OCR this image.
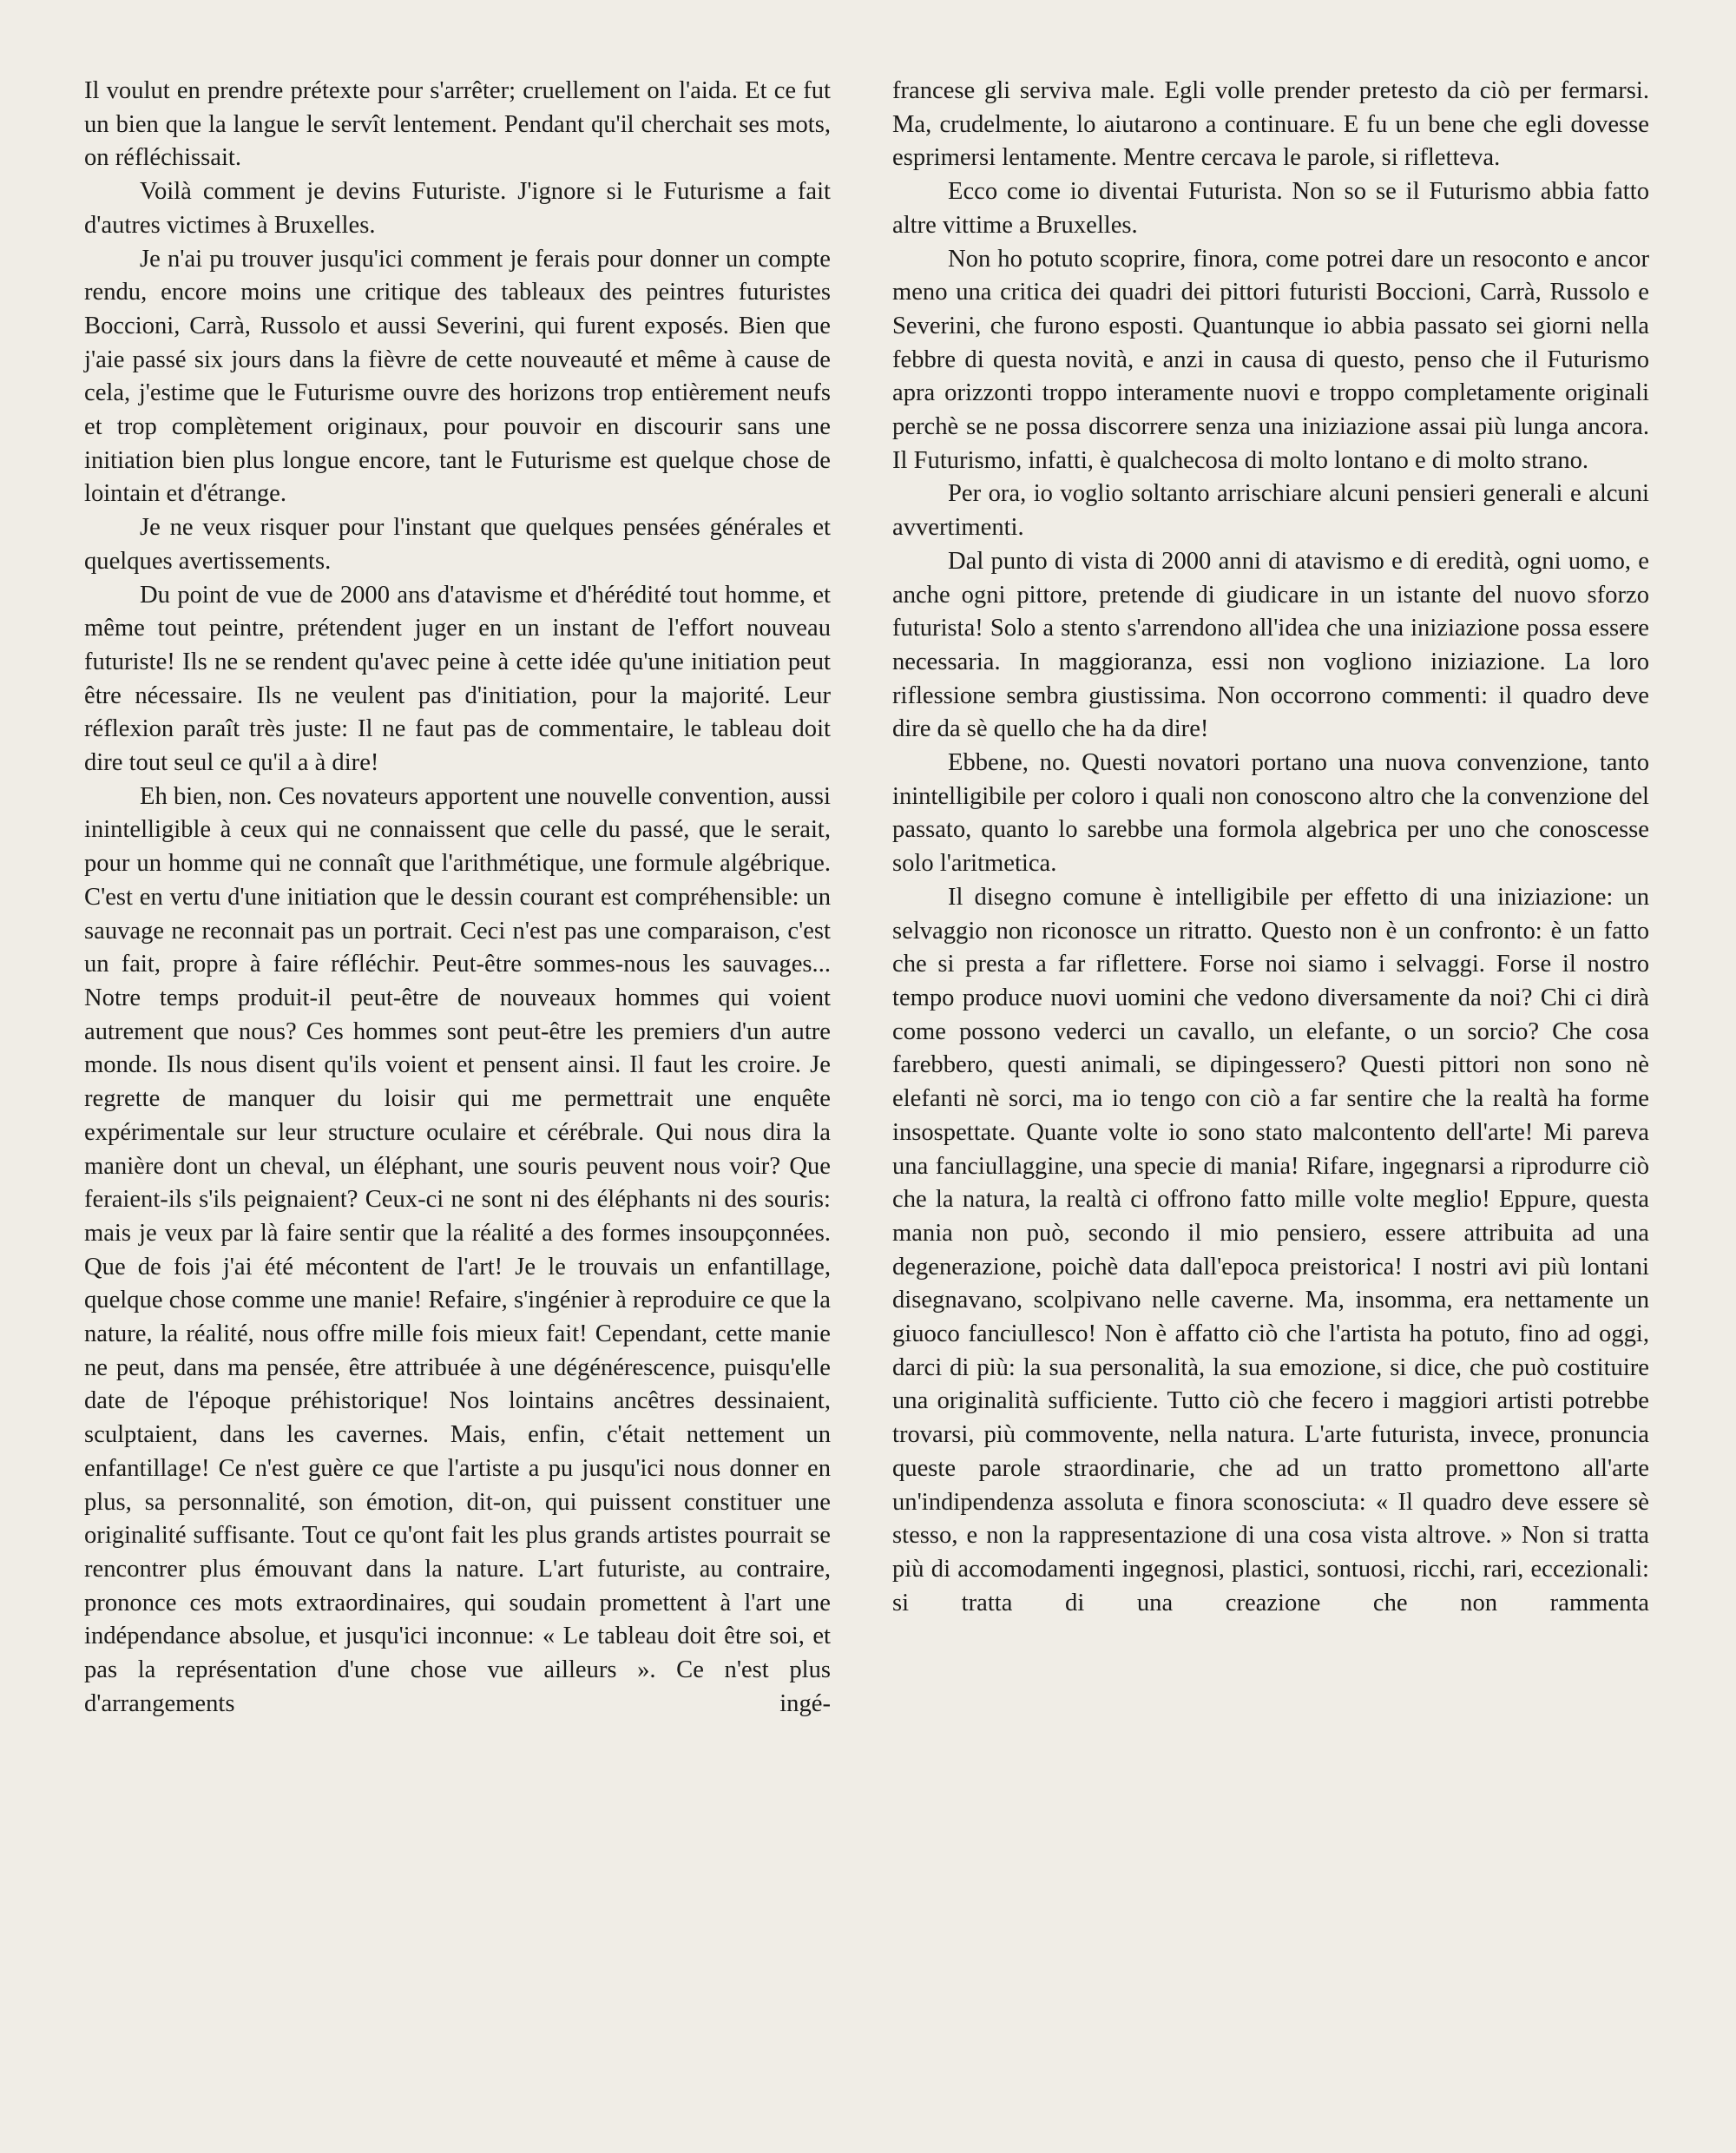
Il voulut en prendre prétexte pour s'arrêter; cruellement on l'aida. Et ce fut un bien que la langue le servît lentement. Pendant qu'il cherchait ses mots, on réfléchissait.

Voilà comment je devins Futuriste. J'ignore si le Futurisme a fait d'autres victimes à Bruxelles.

Je n'ai pu trouver jusqu'ici comment je ferais pour donner un compte rendu, encore moins une critique des tableaux des peintres futuristes Boccioni, Carrà, Russolo et aussi Severini, qui furent exposés. Bien que j'aie passé six jours dans la fièvre de cette nouveauté et même à cause de cela, j'estime que le Futurisme ouvre des horizons trop entièrement neufs et trop complètement originaux, pour pouvoir en discourir sans une initiation bien plus longue encore, tant le Futurisme est quelque chose de lointain et d'étrange.

Je ne veux risquer pour l'instant que quelques pensées générales et quelques avertissements.

Du point de vue de 2000 ans d'atavisme et d'hérédité tout homme, et même tout peintre, prétendent juger en un instant de l'effort nouveau futuriste! Ils ne se rendent qu'avec peine à cette idée qu'une initiation peut être nécessaire. Ils ne veulent pas d'initiation, pour la majorité. Leur réflexion paraît très juste: Il ne faut pas de commentaire, le tableau doit dire tout seul ce qu'il a à dire!

Eh bien, non. Ces novateurs apportent une nouvelle convention, aussi inintelligible à ceux qui ne connaissent que celle du passé, que le serait, pour un homme qui ne connaît que l'arithmétique, une formule algébrique. C'est en vertu d'une initiation que le dessin courant est compréhensible: un sauvage ne reconnait pas un portrait. Ceci n'est pas une comparaison, c'est un fait, propre à faire réfléchir. Peut-être sommes-nous les sauvages... Notre temps produit-il peut-être de nouveaux hommes qui voient autrement que nous? Ces hommes sont peut-être les premiers d'un autre monde. Ils nous disent qu'ils voient et pensent ainsi. Il faut les croire. Je regrette de manquer du loisir qui me permettrait une enquête expérimentale sur leur structure oculaire et cérébrale. Qui nous dira la manière dont un cheval, un éléphant, une souris peuvent nous voir? Que feraient-ils s'ils peignaient? Ceux-ci ne sont ni des éléphants ni des souris: mais je veux par là faire sentir que la réalité a des formes insoupçonnées. Que de fois j'ai été mécontent de l'art! Je le trouvais un enfantillage, quelque chose comme une manie! Refaire, s'ingénier à reproduire ce que la nature, la réalité, nous offre mille fois mieux fait! Cependant, cette manie ne peut, dans ma pensée, être attribuée à une dégénérescence, puisqu'elle date de l'époque préhistorique! Nos lointains ancêtres dessinaient, sculptaient, dans les cavernes. Mais, enfin, c'était nettement un enfantillage! Ce n'est guère ce que l'artiste a pu jusqu'ici nous donner en plus, sa personnalité, son émotion, dit-on, qui puissent constituer une originalité suffisante. Tout ce qu'ont fait les plus grands artistes pourrait se rencontrer plus émouvant dans la nature. L'art futuriste, au contraire, prononce ces mots extraordinaires, qui soudain promettent à l'art une indépendance absolue, et jusqu'ici inconnue: « Le tableau doit être soi, et pas la représentation d'une chose vue ailleurs ». Ce n'est plus d'arrangements ingé-

francese gli serviva male. Egli volle prender pretesto da ciò per fermarsi. Ma, crudelmente, lo aiutarono a continuare. E fu un bene che egli dovesse esprimersi lentamente. Mentre cercava le parole, si rifletteva.

Ecco come io diventai Futurista. Non so se il Futurismo abbia fatto altre vittime a Bruxelles.

Non ho potuto scoprire, finora, come potrei dare un resoconto e ancor meno una critica dei quadri dei pittori futuristi Boccioni, Carrà, Russolo e Severini, che furono esposti. Quantunque io abbia passato sei giorni nella febbre di questa novità, e anzi in causa di questo, penso che il Futurismo apra orizzonti troppo interamente nuovi e troppo completamente originali perchè se ne possa discorrere senza una iniziazione assai più lunga ancora. Il Futurismo, infatti, è qualchecosa di molto lontano e di molto strano.

Per ora, io voglio soltanto arrischiare alcuni pensieri generali e alcuni avvertimenti.

Dal punto di vista di 2000 anni di atavismo e di eredità, ogni uomo, e anche ogni pittore, pretende di giudicare in un istante del nuovo sforzo futurista! Solo a stento s'arrendono all'idea che una iniziazione possa essere necessaria. In maggioranza, essi non vogliono iniziazione. La loro riflessione sembra giustissima. Non occorrono commenti: il quadro deve dire da sè quello che ha da dire!

Ebbene, no. Questi novatori portano una nuova convenzione, tanto inintelligibile per coloro i quali non conoscono altro che la convenzione del passato, quanto lo sarebbe una formola algebrica per uno che conoscesse solo l'aritmetica.

Il disegno comune è intelligibile per effetto di una iniziazione: un selvaggio non riconosce un ritratto. Questo non è un confronto: è un fatto che si presta a far riflettere. Forse noi siamo i selvaggi. Forse il nostro tempo produce nuovi uomini che vedono diversamente da noi? Chi ci dirà come possono vederci un cavallo, un elefante, o un sorcio? Che cosa farebbero, questi animali, se dipingessero? Questi pittori non sono nè elefanti nè sorci, ma io tengo con ciò a far sentire che la realtà ha forme insospettate. Quante volte io sono stato malcontento dell'arte! Mi pareva una fanciullaggine, una specie di mania! Rifare, ingegnarsi a riprodurre ciò che la natura, la realtà ci offrono fatto mille volte meglio! Eppure, questa mania non può, secondo il mio pensiero, essere attribuita ad una degenerazione, poichè data dall'epoca preistorica! I nostri avi più lontani disegnavano, scolpivano nelle caverne. Ma, insomma, era nettamente un giuoco fanciullesco! Non è affatto ciò che l'artista ha potuto, fino ad oggi, darci di più: la sua personalità, la sua emozione, si dice, che può costituire una originalità sufficiente. Tutto ciò che fecero i maggiori artisti potrebbe trovarsi, più commovente, nella natura. L'arte futurista, invece, pronuncia queste parole straordinarie, che ad un tratto promettono all'arte un'indipendenza assoluta e finora sconosciuta: « Il quadro deve essere sè stesso, e non la rappresentazione di una cosa vista altrove. » Non si tratta più di accomodamenti ingegnosi, plastici, sontuosi, ricchi, rari, eccezionali: si tratta di una creazione che non rammenta
